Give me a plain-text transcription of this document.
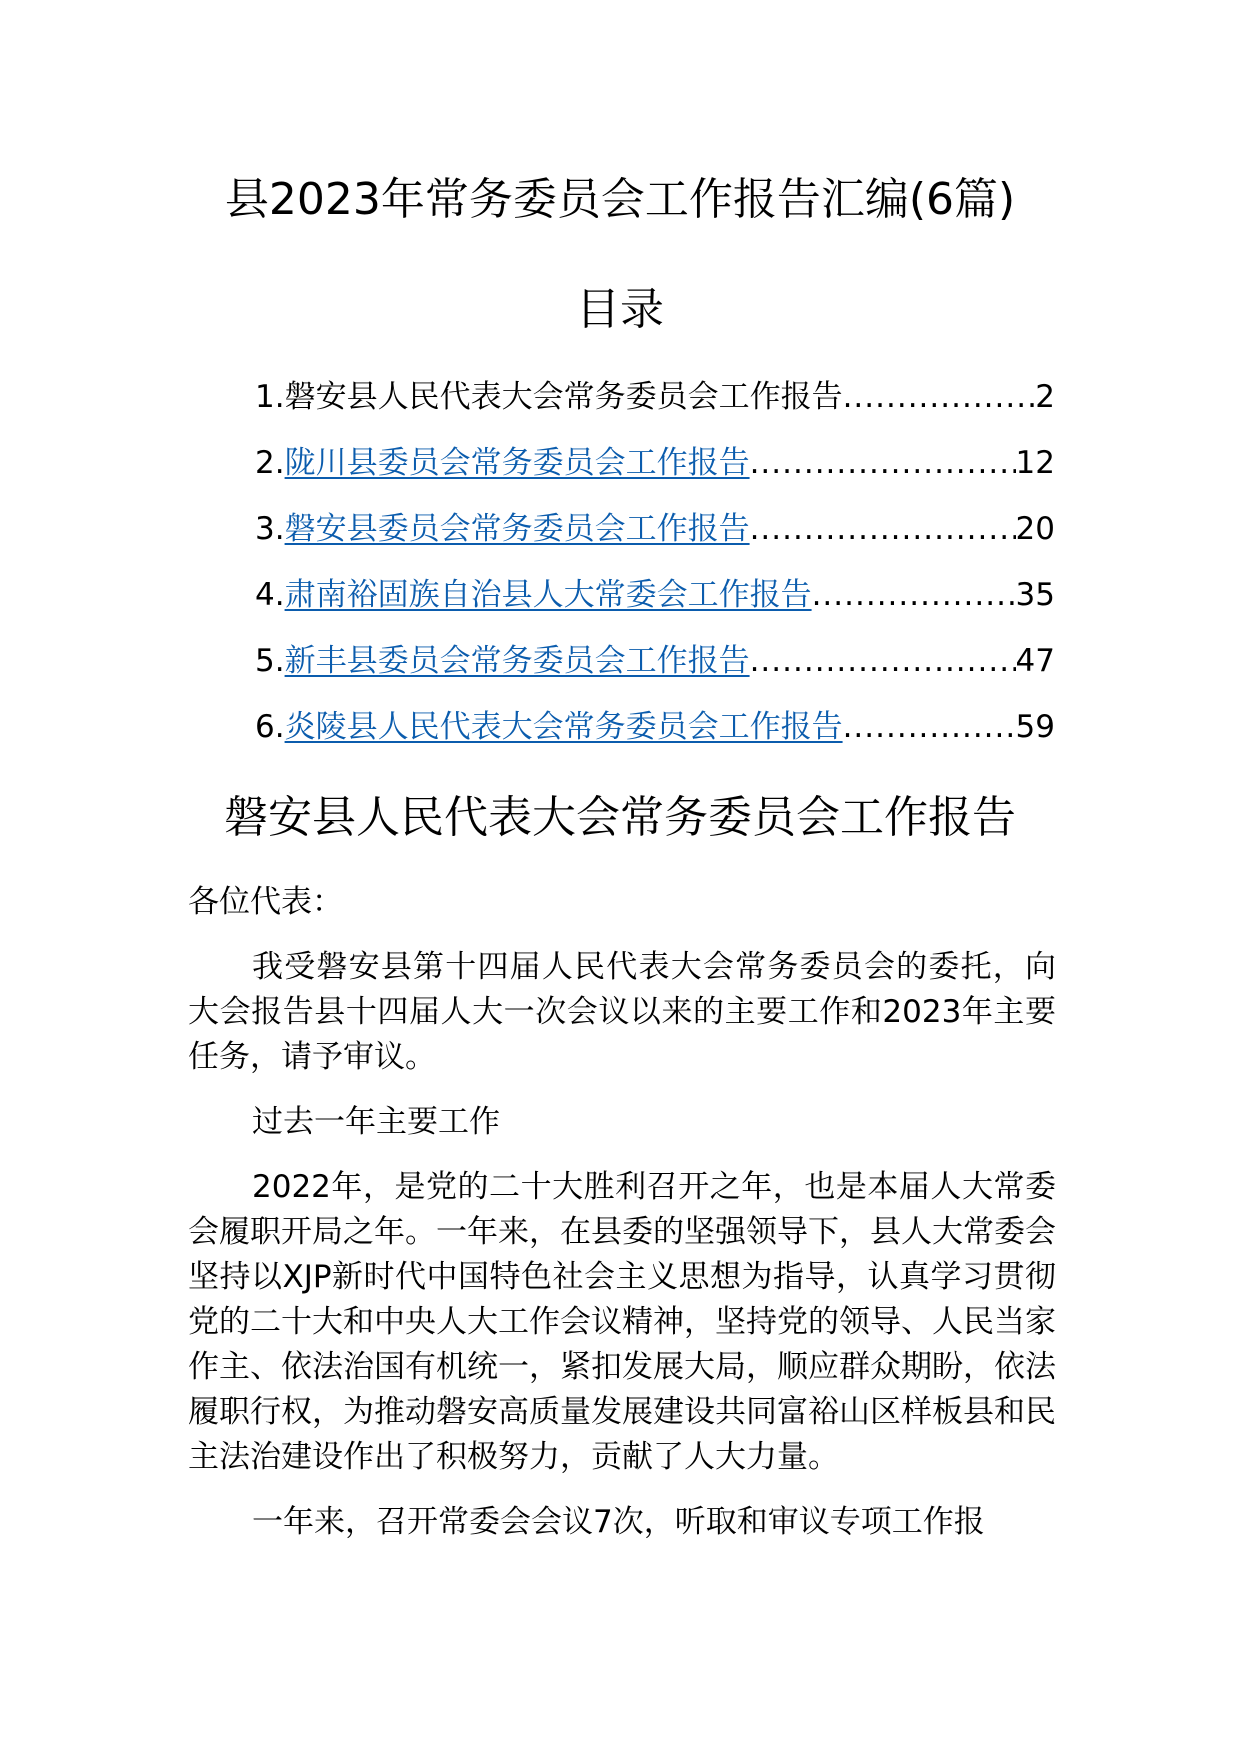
县2023年常务委员会工作报告汇编(6篇)
目录
1. 磐安县人民代表大会常务委员会工作报告 .....	2
2. 陇川县委员会常务委员会工作报告 .....	12
3. 磐安县委员会常务委员会工作报告 .....	20
4. 肃南裕固族自治县人大常委会工作报告 .....	35
5. 新丰县委员会常务委员会工作报告 .....	47
6. 炎陵县人民代表大会常务委员会工作报告 .....	59
磐安县人民代表大会常务委员会工作报告

各位代表：

我受磐安县第十四届人民代表大会常务委员会的委托，向大会报告县十四届人大一次会议以来的主要工作和2023年主要任务，请予审议。

过去一年主要工作

2022年，是党的二十大胜利召开之年，也是本届人大常委会履职开局之年。一年来，在县委的坚强领导下，县人大常委会坚持以XJP新时代中国特色社会主义思想为指导，认真学习贯彻党的二十大和中央人大工作会议精神，坚持党的领导、人民当家作主、依法治国有机统一，紧扣发展大局，顺应群众期盼，依法履职行权，为推动磐安高质量发展建设共同富裕山区样板县和民主法治建设作出了积极努力，贡献了人大力量。

一年来，召开常委会会议7次，听取和审议专项工作报
